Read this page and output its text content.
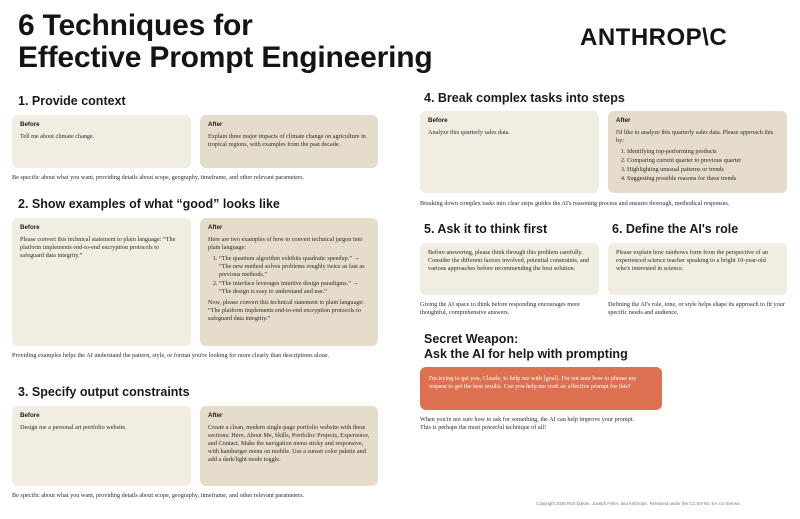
6 Techniques for
Effective Prompt Engineering
ANTHROP\C
1. Provide context
Before
Tell me about climate change.
After
Explain three major impacts of climate change on agriculture in tropical regions, with examples from the past decade.
Be specific about what you want, providing details about scope, geography, timeframe, and other relevant parameters.
2. Show examples of what “good” looks like
Before
Please convert this technical statement to plain language: “The platform implements end-to-end encryption protocols to safeguard data integrity.”
After

Here are two examples of how to convert technical jargon into plain language:

1. “The quantum algorithm exhibits quadratic speedup.” → “The new method solves problems roughly twice as fast as previous methods.”
2. “The interface leverages intuitive design paradigms.” → “The design is easy to understand and use.”

Now, please convert this technical statement to plain language: “The platform implements end-to-end encryption protocols to safeguard data integrity.”

Providing examples helps the AI understand the pattern, style, or format you're looking for more clearly than descriptions alone.
3. Specify output constraints
Before
Design me a personal art portfolio website.
After
Create a clean, modern single-page portfolio website with these sections: Hero, About Me, Skills, Portfolio/ Projects, Experience, and Contact. Make the navigation menu sticky and responsive, with hamburger menu on mobile. Use a sunset color palette and add a dark/light mode toggle.
Be specific about what you want, providing details about scope, geography, timeframe, and other relevant parameters.
4. Break complex tasks into steps
Before
Analyze this quarterly sales data.
After

I'd like to analyze this quarterly sales data. Please approach this by:

1. Identifying top-performing products
2. Comparing current quarter to previous quarter
3. Highlighting unusual patterns or trends
4. Suggesting possible reasons for these trends
Breaking down complex tasks into clear steps guides the AI's reasoning process and ensures thorough, methodical responses.
5. Ask it to think first
Before answering, please think through this problem carefully. Consider the different factors involved, potential constraints, and various approaches before recommending the best solution.
Giving the AI space to think before responding encourages more thoughtful, comprehensive answers.
6. Define the AI's role
Please explain how rainbows form from the perspective of an experienced science teacher speaking to a bright 10-year-old who's interested in science.
Defining the AI's role, tone, or style helps shape its approach to fit your specific needs and audience.
Secret Weapon:
Ask the AI for help with prompting
I'm trying to get you, Claude, to help me with [goal]. I'm not sure how to phrase my request to get the best results. Can you help me craft an effective prompt for this?
When you're not sure how to ask for something, the AI can help improve your prompt. This is perhaps the most powerful technique of all!
Copyright 2025 Rick Dakan, Joseph Feller, and Anthropic. Released under the CC BY-NC-SA 4.0 license.
